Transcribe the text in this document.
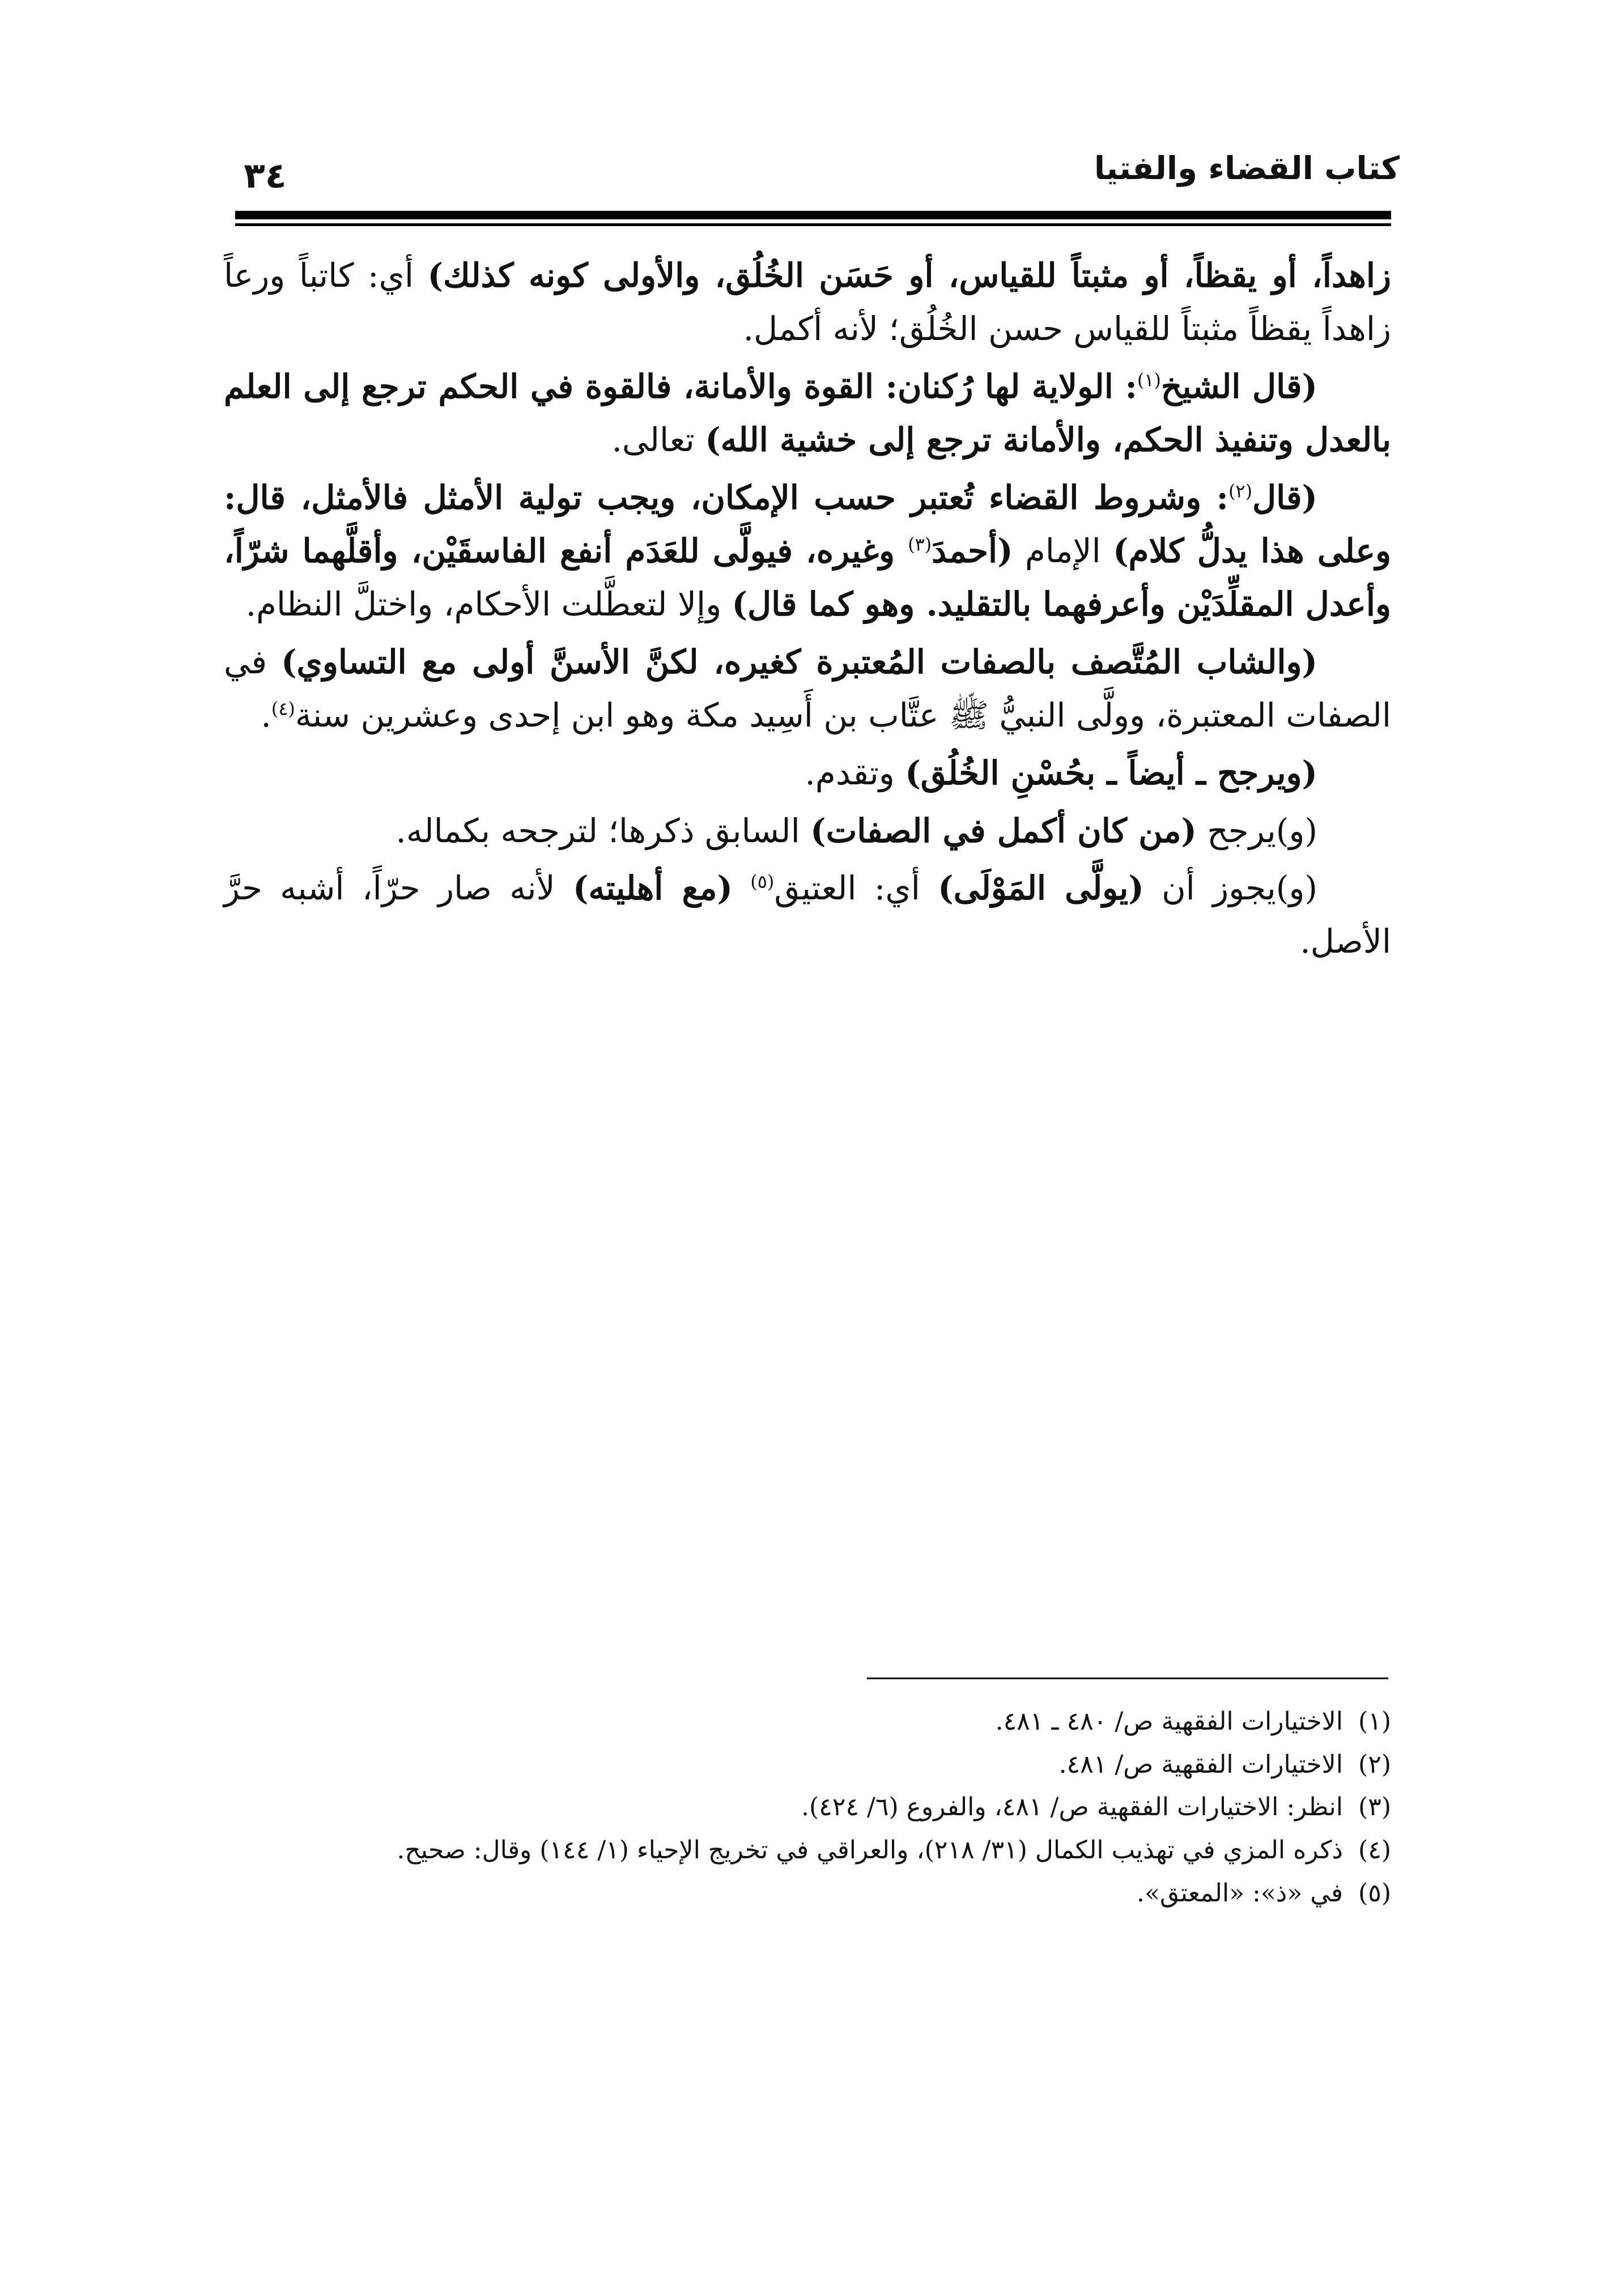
كتاب القضاء والفتيا
٣٤

زاهداً، أو يقظاً، أو مثبتاً للقياس، أو حَسَن الخُلُق، والأولى كونه كذلك) أي: كاتباً ورعاً زاهداً يقظاً مثبتاً للقياس حسن الخُلُق؛ لأنه أكمل.

(قال الشيخ$^{(١)}$: الولاية لها رُكنان: القوة والأمانة، فالقوة في الحكم ترجع إلى العلم بالعدل وتنفيذ الحكم، والأمانة ترجع إلى خشية الله) تعالى.

(قال$^{(٢)}$: وشروط القضاء تُعتبر حسب الإمكان، ويجب تولية الأمثل فالأمثل، قال: وعلى هذا يدلُّ كلام) الإمام (أحمدَ$^{(٣)}$ وغيره، فيولَّى للعَدَم أنفع الفاسقَيْن، وأقلَّهما شرّاً، وأعدل المقلِّدَيْن وأعرفهما بالتقليد. وهو كما قال) وإلا لتعطَّلت الأحكام، واختلَّ النظام.

(والشاب المُتَّصف بالصفات المُعتبرة كغيره، لكنَّ الأسنَّ أولى مع التساوي) في الصفات المعتبرة، وولَّى النبيُّ ﷺ عتَّاب بن أَسِيد مكة وهو ابن إحدى وعشرين سنة$^{(٤)}$.

(ويرجح ـ أيضاً ـ بحُسْنِ الخُلُق) وتقدم.

(و)يرجح (من كان أكمل في الصفات) السابق ذكرها؛ لترجحه بكماله.

(و)يجوز أن (يولَّى المَوْلَى) أي: العتيق$^{(٥)}$ (مع أهليته) لأنه صار حرّاً، أشبه حرَّ الأصل.

(١)
الاختيارات الفقهية ص/ ٤٨٠ ـ ٤٨١.
(٢)
الاختيارات الفقهية ص/ ٤٨١.
(٣)
انظر: الاختيارات الفقهية ص/ ٤٨١، والفروع (٦/ ٤٢٤).
(٤)
ذكره المزي في تهذيب الكمال (٣١/ ٢١٨)، والعراقي في تخريج الإحياء (١/ ١٤٤) وقال: صحيح.
(٥)
في «ذ»: «المعتق».
